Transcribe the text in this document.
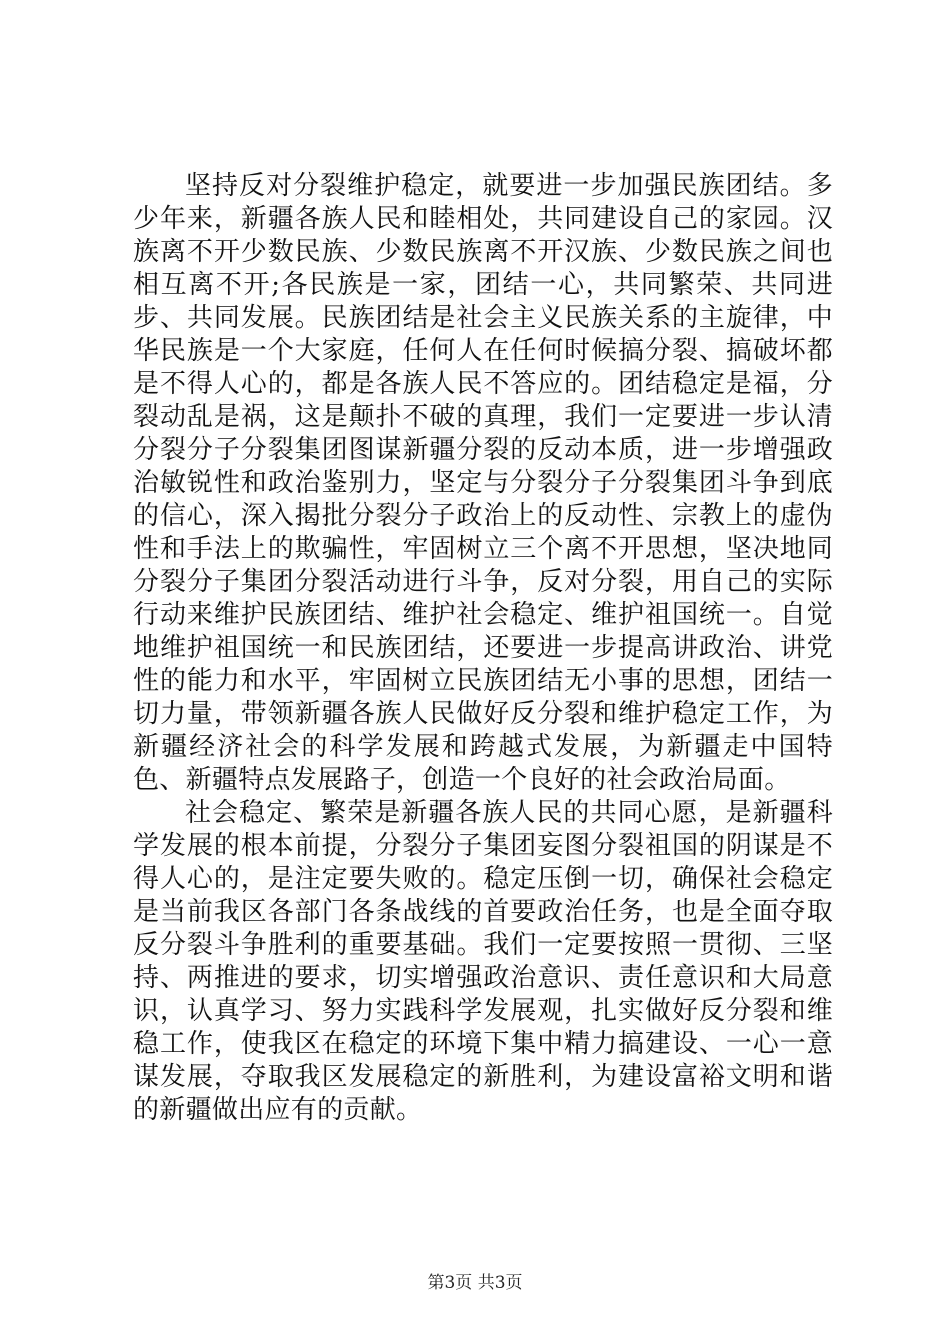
坚持反对分裂维护稳定，就要进一步加强民族团结。多少年来，新疆各族人民和睦相处，共同建设自己的家园。汉族离不开少数民族、少数民族离不开汉族、少数民族之间也相互离不开;各民族是一家，团结一心，共同繁荣、共同进步、共同发展。民族团结是社会主义民族关系的主旋律，中华民族是一个大家庭，任何人在任何时候搞分裂、搞破坏都是不得人心的，都是各族人民不答应的。团结稳定是福，分裂动乱是祸，这是颠扑不破的真理，我们一定要进一步认清分裂分子分裂集团图谋新疆分裂的反动本质，进一步增强政治敏锐性和政治鉴别力，坚定与分裂分子分裂集团斗争到底的信心，深入揭批分裂分子政治上的反动性、宗教上的虚伪性和手法上的欺骗性，牢固树立三个离不开思想，坚决地同分裂分子集团分裂活动进行斗争，反对分裂，用自己的实际行动来维护民族团结、维护社会稳定、维护祖国统一。自觉地维护祖国统一和民族团结，还要进一步提高讲政治、讲党性的能力和水平，牢固树立民族团结无小事的思想，团结一切力量，带领新疆各族人民做好反分裂和维护稳定工作，为新疆经济社会的科学发展和跨越式发展，为新疆走中国特色、新疆特点发展路子，创造一个良好的社会政治局面。

社会稳定、繁荣是新疆各族人民的共同心愿，是新疆科学发展的根本前提，分裂分子集团妄图分裂祖国的阴谋是不得人心的，是注定要失败的。稳定压倒一切，确保社会稳定是当前我区各部门各条战线的首要政治任务，也是全面夺取反分裂斗争胜利的重要基础。我们一定要按照一贯彻、三坚持、两推进的要求，切实增强政治意识、责任意识和大局意识，认真学习、努力实践科学发展观，扎实做好反分裂和维稳工作，使我区在稳定的环境下集中精力搞建设、一心一意谋发展，夺取我区发展稳定的新胜利，为建设富裕文明和谐的新疆做出应有的贡献。

第3页 共3页
